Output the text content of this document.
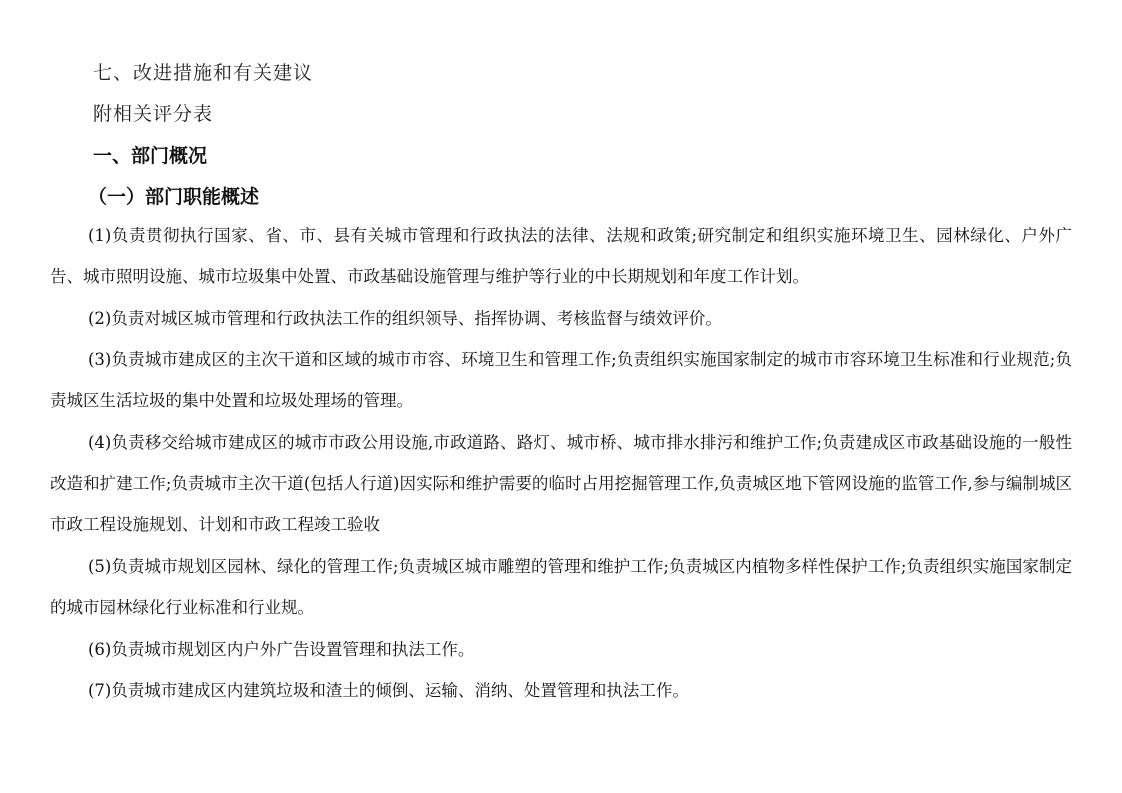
七、改进措施和有关建议
附相关评分表
一、部门概况
（一）部门职能概述

(1)负责贯彻执行国家、省、市、县有关城市管理和行政执法的法律、法规和政策;研究制定和组织实施环境卫生、园林绿化、户外广告、城市照明设施、城市垃圾集中处置、市政基础设施管理与维护等行业的中长期规划和年度工作计划。

(2)负责对城区城市管理和行政执法工作的组织领导、指挥协调、考核监督与绩效评价。

(3)负责城市建成区的主次干道和区域的城市市容、环境卫生和管理工作;负责组织实施国家制定的城市市容环境卫生标准和行业规范;负责城区生活垃圾的集中处置和垃圾处理场的管理。

(4)负责移交给城市建成区的城市市政公用设施,市政道路、路灯、城市桥、城市排水排污和维护工作;负责建成区市政基础设施的一般性改造和扩建工作;负责城市主次干道(包括人行道)因实际和维护需要的临时占用挖掘管理工作,负责城区地下管网设施的监管工作,参与编制城区市政工程设施规划、计划和市政工程竣工验收

(5)负责城市规划区园林、绿化的管理工作;负责城区城市雕塑的管理和维护工作;负责城区内植物多样性保护工作;负责组织实施国家制定的城市园林绿化行业标准和行业规。

(6)负责城市规划区内户外广告设置管理和执法工作。

(7)负责城市建成区内建筑垃圾和渣土的倾倒、运输、消纳、处置管理和执法工作。
